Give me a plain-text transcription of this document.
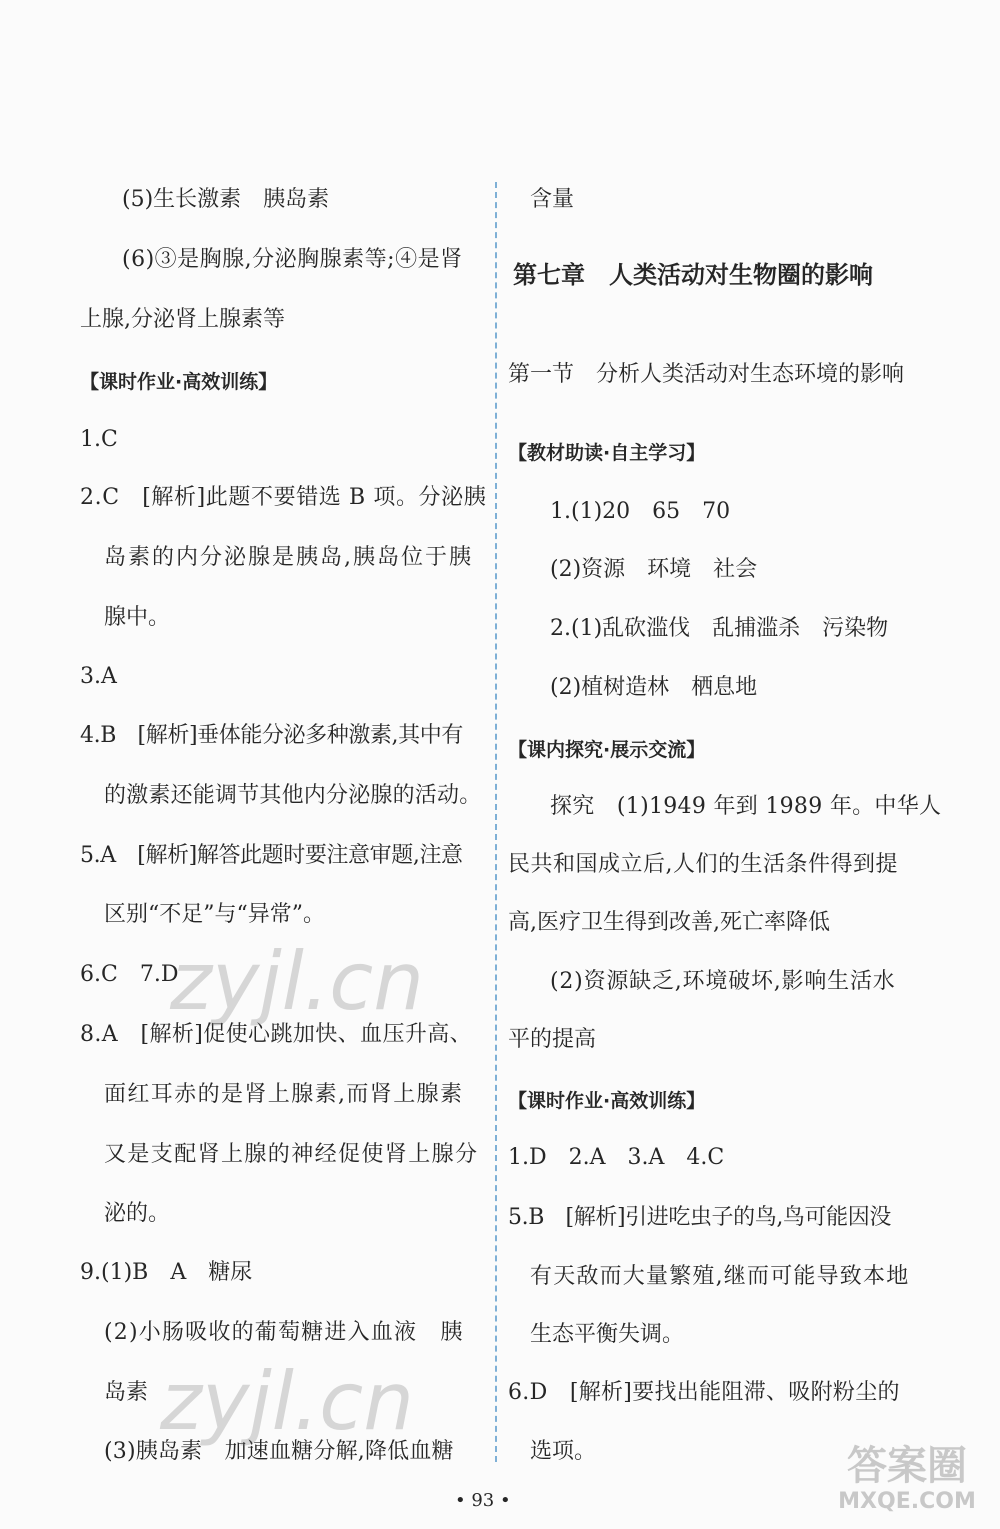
(5)生长激素　胰岛素
(6)③是胸腺,分泌胸腺素等;④是肾
上腺,分泌肾上腺素等
【课时作业·高效训练】
1.C
2.C　[解析]此题不要错选 B 项。分泌胰
岛素的内分泌腺是胰岛,胰岛位于胰
腺中。
3.A
4.B　[解析]垂体能分泌多种激素,其中有
的激素还能调节其他内分泌腺的活动。
5.A　[解析]解答此题时要注意审题,注意
区别“不足”与“异常”。
6.C　7.D
8.A　[解析]促使心跳加快、血压升高、
面红耳赤的是肾上腺素,而肾上腺素
又是支配肾上腺的神经促使肾上腺分
泌的。
9.(1)B　A　糖尿
(2)小肠吸收的葡萄糖进入血液　胰
岛素
(3)胰岛素　加速血糖分解,降低血糖
含量
第七章　人类活动对生物圈的影响
第一节　分析人类活动对生态环境的影响
【教材助读·自主学习】
1.(1)20　65　70
(2)资源　环境　社会
2.(1)乱砍滥伐　乱捕滥杀　污染物
(2)植树造林　栖息地
【课内探究·展示交流】
探究　(1)1949 年到 1989 年。中华人
民共和国成立后,人们的生活条件得到提
高,医疗卫生得到改善,死亡率降低
(2)资源缺乏,环境破坏,影响生活水
平的提高
【课时作业·高效训练】
1.D　2.A　3.A　4.C
5.B　[解析]引进吃虫子的鸟,鸟可能因没
有天敌而大量繁殖,继而可能导致本地
生态平衡失调。
6.D　[解析]要找出能阻滞、吸附粉尘的
选项。
• 93 •
zyjl.cn
zyjl.cn
答案圈
MXQE.COM
